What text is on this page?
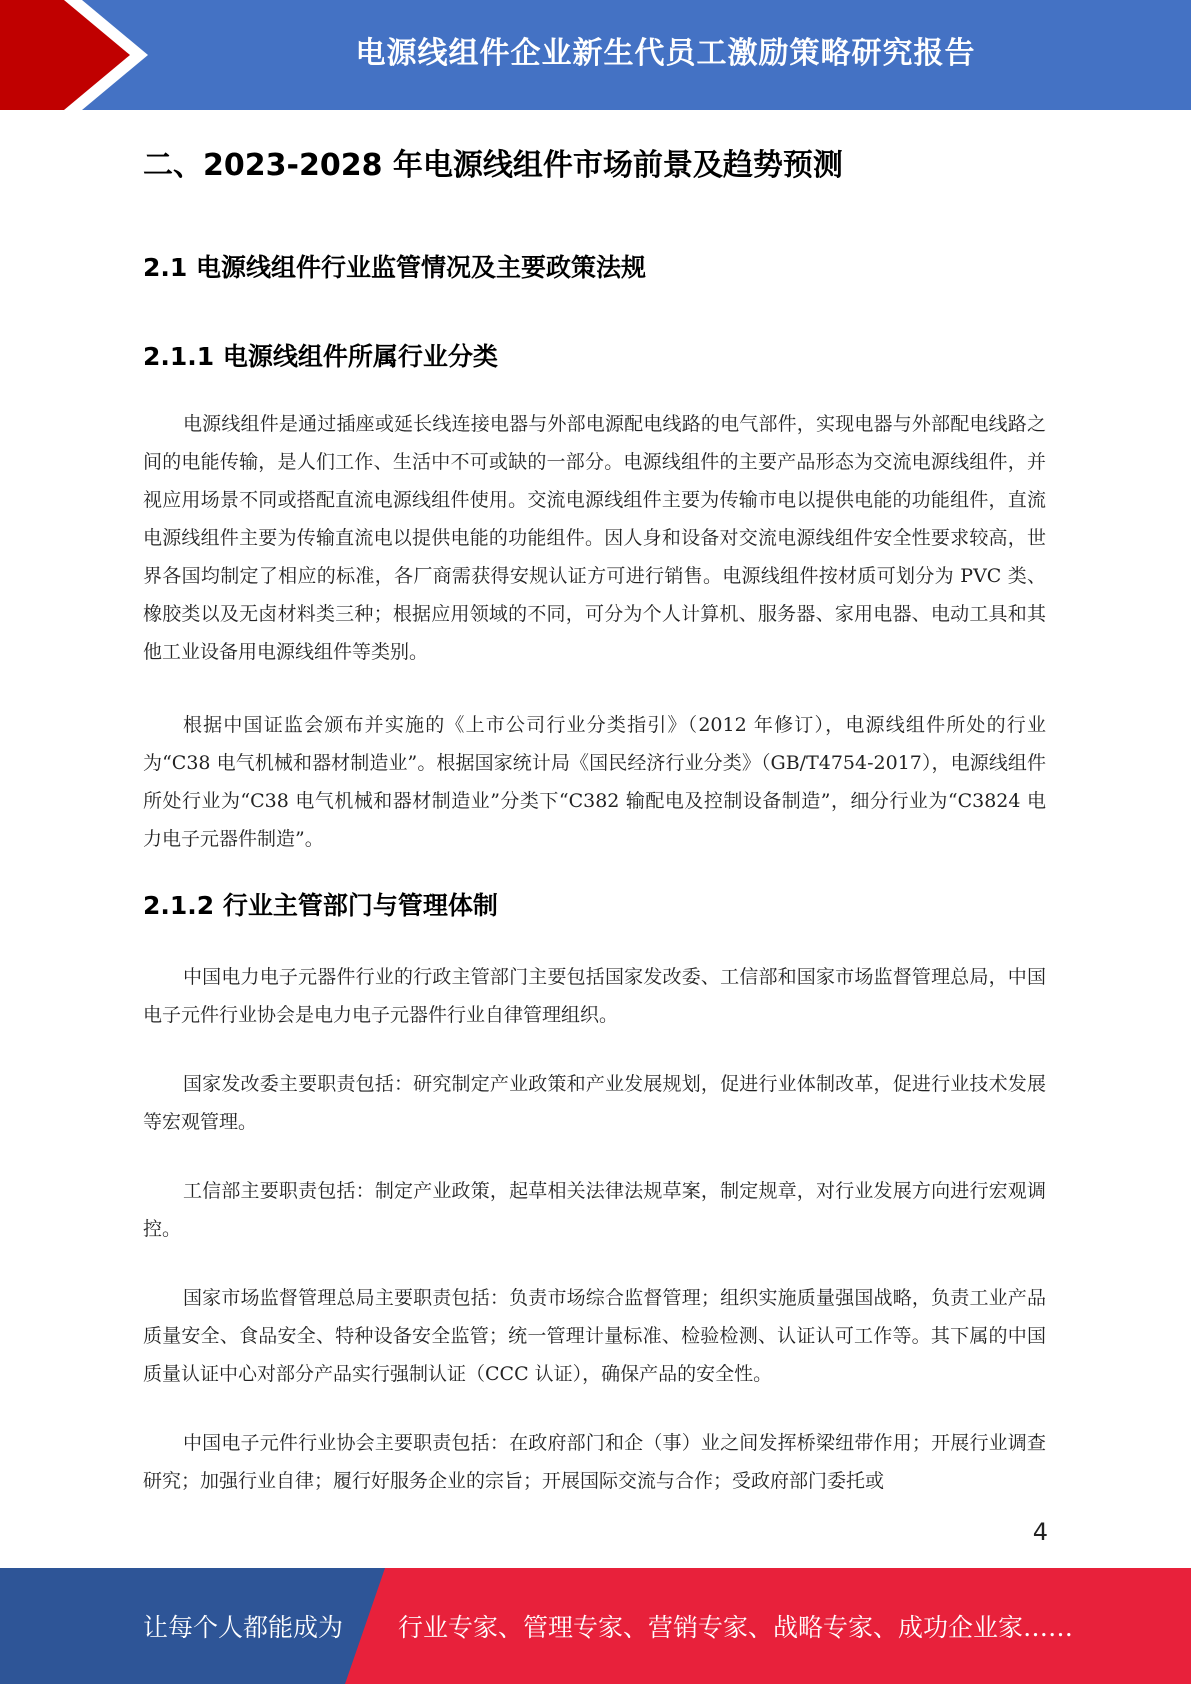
电源线组件企业新生代员工激励策略研究报告
二、2023-2028 年电源线组件市场前景及趋势预测
2.1 电源线组件行业监管情况及主要政策法规
2.1.1 电源线组件所属行业分类

电源线组件是通过插座或延长线连接电器与外部电源配电线路的电气部件，实现电器与外部配电线路之间的电能传输，是人们工作、生活中不可或缺的一部分。电源线组件的主要产品形态为交流电源线组件，并视应用场景不同或搭配直流电源线组件使用。交流电源线组件主要为传输市电以提供电能的功能组件，直流电源线组件主要为传输直流电以提供电能的功能组件。因人身和设备对交流电源线组件安全性要求较高，世界各国均制定了相应的标准，各厂商需获得安规认证方可进行销售。电源线组件按材质可划分为 PVC 类、橡胶类以及无卤材料类三种；根据应用领域的不同，可分为个人计算机、服务器、家用电器、电动工具和其他工业设备用电源线组件等类别。

根据中国证监会颁布并实施的《上市公司行业分类指引》（2012 年修订），电源线组件所处的行业为“C38 电气机械和器材制造业”。根据国家统计局《国民经济行业分类》（GB/T4754-2017），电源线组件所处行业为“C38 电气机械和器材制造业”分类下“C382 输配电及控制设备制造”，细分行业为“C3824 电力电子元器件制造”。

2.1.2 行业主管部门与管理体制

中国电力电子元器件行业的行政主管部门主要包括国家发改委、工信部和国家市场监督管理总局，中国电子元件行业协会是电力电子元器件行业自律管理组织。

国家发改委主要职责包括：研究制定产业政策和产业发展规划，促进行业体制改革，促进行业技术发展等宏观管理。

工信部主要职责包括：制定产业政策，起草相关法律法规草案，制定规章，对行业发展方向进行宏观调控。

国家市场监督管理总局主要职责包括：负责市场综合监督管理；组织实施质量强国战略，负责工业产品质量安全、食品安全、特种设备安全监管；统一管理计量标准、检验检测、认证认可工作等。其下属的中国质量认证中心对部分产品实行强制认证（CCC 认证），确保产品的安全性。

中国电子元件行业协会主要职责包括：在政府部门和企（事）业之间发挥桥梁纽带作用；开展行业调查研究；加强行业自律；履行好服务企业的宗旨；开展国际交流与合作；受政府部门委托或

4
让每个人都能成为 行业专家、管理专家、营销专家、战略专家、成功企业家……
